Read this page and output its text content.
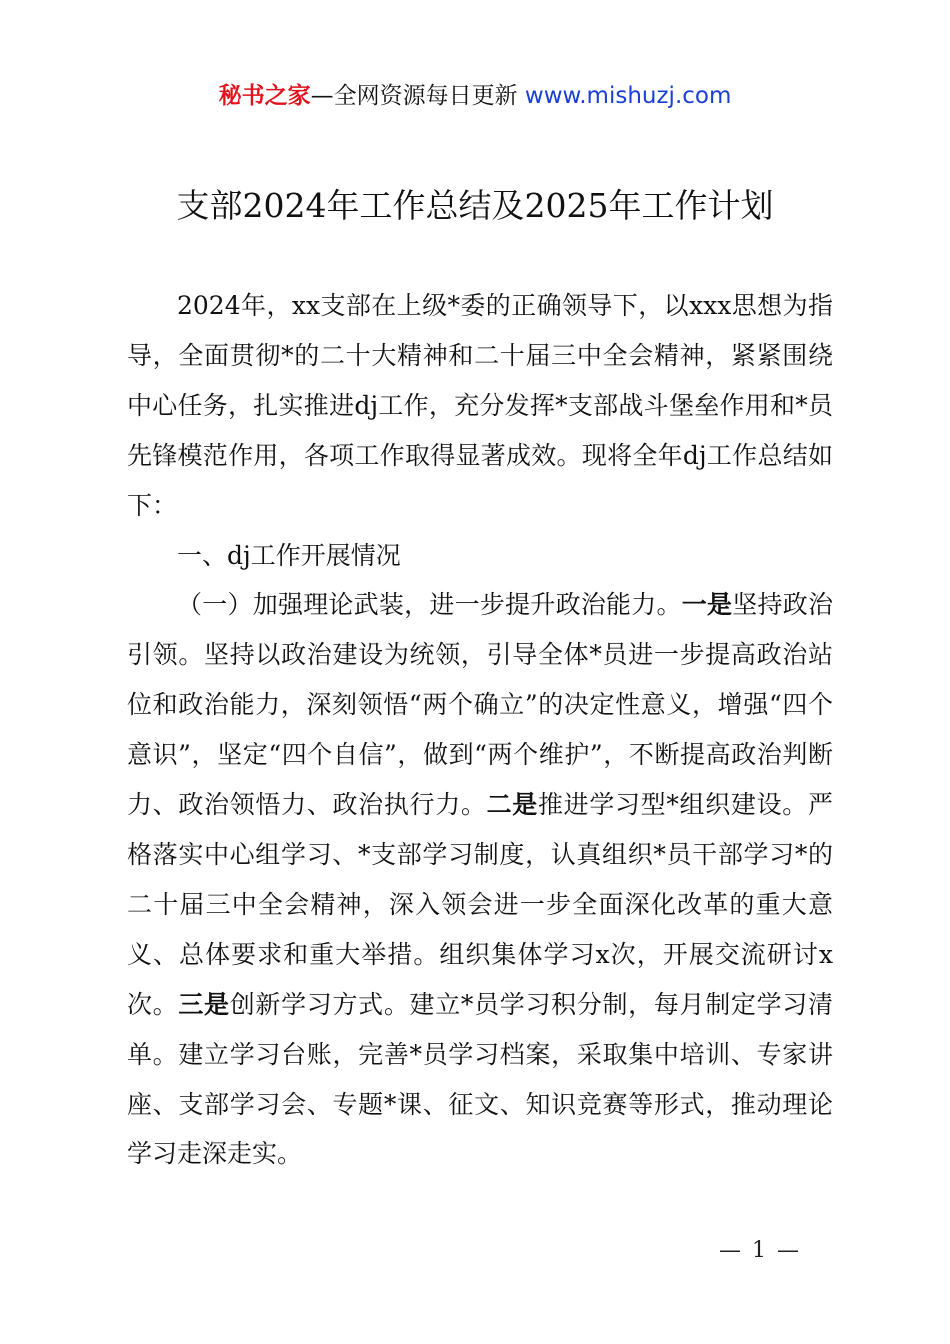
秘书之家—全网资源每日更新 www.mishuzj.com
支部2024年工作总结及2025年工作计划

2024年，xx支部在上级*委的正确领导下，以xxx思想为指导，全面贯彻*的二十大精神和二十届三中全会精神，紧紧围绕中心任务，扎实推进dj工作，充分发挥*支部战斗堡垒作用和*员先锋模范作用，各项工作取得显著成效。现将全年dj工作总结如下：

一、dj工作开展情况

（一）加强理论武装，进一步提升政治能力。一是坚持政治引领。坚持以政治建设为统领，引导全体*员进一步提高政治站位和政治能力，深刻领悟“两个确立”的决定性意义，增强“四个意识”，坚定“四个自信”，做到“两个维护”，不断提高政治判断力、政治领悟力、政治执行力。二是推进学习型*组织建设。严格落实中心组学习、*支部学习制度，认真组织*员干部学习*的二十届三中全会精神，深入领会进一步全面深化改革的重大意义、总体要求和重大举措。组织集体学习x次，开展交流研讨x次。三是创新学习方式。建立*员学习积分制，每月制定学习清单。建立学习台账，完善*员学习档案，采取集中培训、专家讲座、支部学习会、专题*课、征文、知识竞赛等形式，推动理论学习走深走实。

— 1 —
